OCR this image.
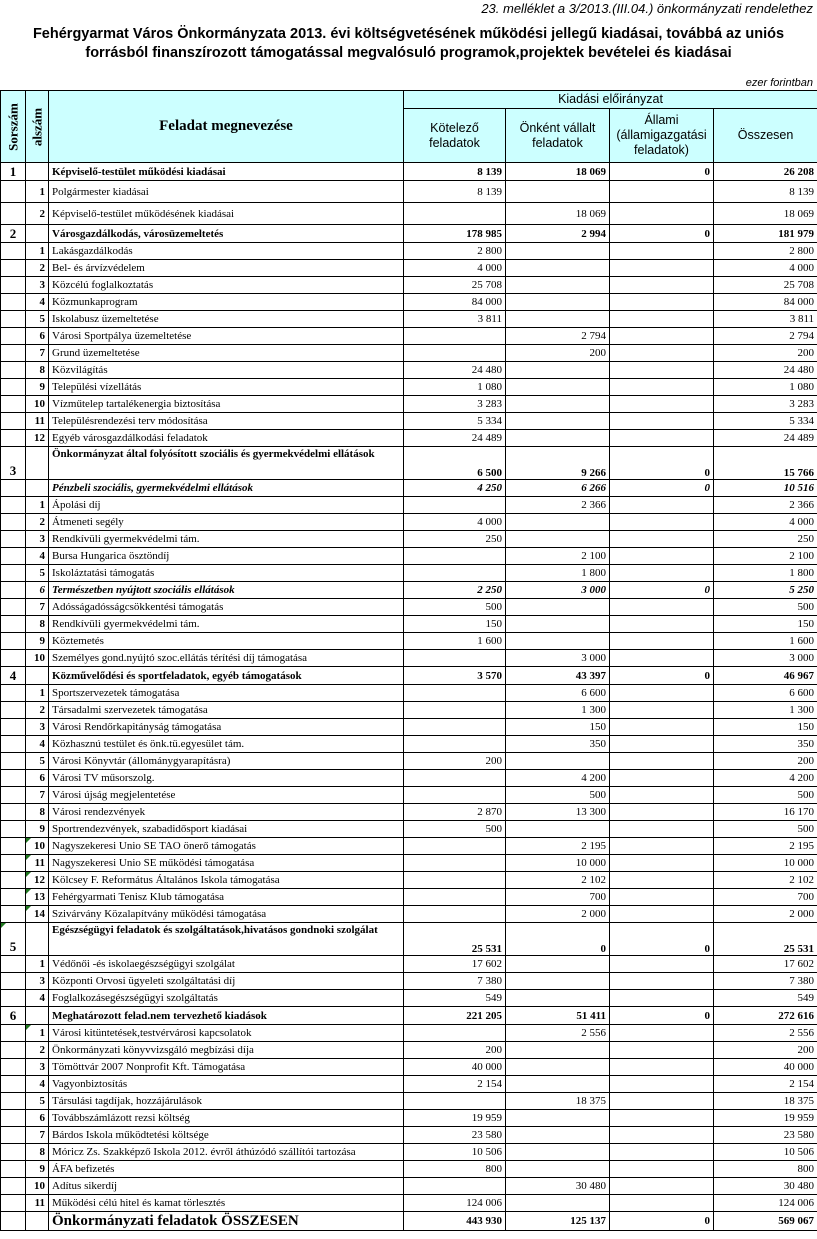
23. melléklet a 3/2013.(III.04.) önkormányzati rendelethez
Fehérgyarmat Város Önkormányzata 2013. évi költségvetésének működési jellegű kiadásai, továbbá az uniós
forrásból finanszírozott támogatással megvalósuló programok,projektek bevételei és kiadásai
ezer forintban
Sorszám	alszám	Feladat megnevezése	Kiadási előirányzat			
			Kötelező feladatok	Önként vállalt feladatok	Állami (államigazgatási feladatok)	Összesen
1		Képviselő-testület működési kiadásai	8 139	18 069	0	26 208
	1	Polgármester kiadásai	8 139			8 139
	2	Képviselő-testület működésének kiadásai		18 069		18 069
2		Városgazdálkodás, városüzemeltetés	178 985	2 994	0	181 979
	1	Lakásgazdálkodás	2 800			2 800
	2	Bel- és árvízvédelem	4 000			4 000
	3	Közcélú foglalkoztatás	25 708			25 708
	4	Közmunkaprogram	84 000			84 000
	5	Iskolabusz üzemeltetése	3 811			3 811
	6	Városi Sportpálya üzemeltetése		2 794		2 794
	7	Grund üzemeltetése		200		200
	8	Közvilágítás	24 480			24 480
	9	Települési vízellátás	1 080			1 080
	10	Vízműtelep tartalékenergia biztosítása	3 283			3 283
	11	Településrendezési terv módosítása	5 334			5 334
	12	Egyéb városgazdálkodási feladatok	24 489			24 489
3		Önkormányzat által folyósított szociális és gyermekvédelmi ellátások	6 500	9 266	0	15 766
		Pénzbeli szociális, gyermekvédelmi ellátások	4 250	6 266	0	10 516
	1	Ápolási díj		2 366		2 366
	2	Átmeneti segély	4 000			4 000
	3	Rendkívüli gyermekvédelmi tám.	250			250
	4	Bursa Hungarica ösztöndíj		2 100		2 100
	5	Iskoláztatási támogatás		1 800		1 800
	6	Természetben nyújtott szociális ellátások	2 250	3 000	0	5 250
	7	Adósságadósságcsökkentési támogatás	500			500
	8	Rendkívüli gyermekvédelmi tám.	150			150
	9	Köztemetés	1 600			1 600
	10	Személyes gond.nyújtó szoc.ellátás térítési díj támogatása		3 000		3 000
4		Közművelődési és sportfeladatok, egyéb támogatások	3 570	43 397	0	46 967
	1	Sportszervezetek támogatása		6 600		6 600
	2	Társadalmi szervezetek támogatása		1 300		1 300
	3	Városi Rendőrkapitányság támogatása		150		150
	4	Közhasznú testület és önk.tü.egyesület tám.		350		350
	5	Városi Könyvtár (állománygyarapításra)	200			200
	6	Városi TV műsorszolg.		4 200		4 200
	7	Városi újság megjelentetése		500		500
	8	Városi rendezvények	2 870	13 300		16 170
	9	Sportrendezvények, szabadidősport kiadásai	500			500
	10	Nagyszekeresi Unio SE TAO önerő támogatás		2 195		2 195
	11	Nagyszekeresi Unio SE működési támogatása		10 000		10 000
	12	Kölcsey F. Református Általános Iskola támogatása		2 102		2 102
	13	Fehérgyarmati Tenisz Klub támogatása		700		700
	14	Szivárvány Közalapítvány működési támogatása		2 000		2 000
5		Egészségügyi feladatok és szolgáltatások,hivatásos gondnoki szolgálat	25 531	0	0	25 531
	1	Védőnői -és iskolaegészségügyi szolgálat	17 602			17 602
	3	Központi Orvosi ügyeleti szolgáltatási díj	7 380			7 380
	4	Foglalkozásegészségügyi szolgáltatás	549			549
6		Meghatározott felad.nem tervezhető kiadások	221 205	51 411	0	272 616
	1	Városi kitüntetések,testvérvárosi kapcsolatok		2 556		2 556
	2	Önkormányzati könyvvizsgáló megbízási díja	200			200
	3	Tömöttvár 2007 Nonprofit Kft. Támogatása	40 000			40 000
	4	Vagyonbiztosítás	2 154			2 154
	5	Társulási tagdíjak, hozzájárulások		18 375		18 375
	6	Továbbszámlázott rezsi költség	19 959			19 959
	7	Bárdos Iskola működtetési költsége	23 580			23 580
	8	Móricz Zs. Szakképző Iskola 2012. évről áthúzódó szállítói tartozása	10 506			10 506
	9	ÁFA befizetés	800			800
	10	Adítus sikerdíj		30 480		30 480
	11	Működési célú hitel és kamat törlesztés	124 006			124 006
		Önkormányzati feladatok ÖSSZESEN	443 930	125 137	0	569 067
